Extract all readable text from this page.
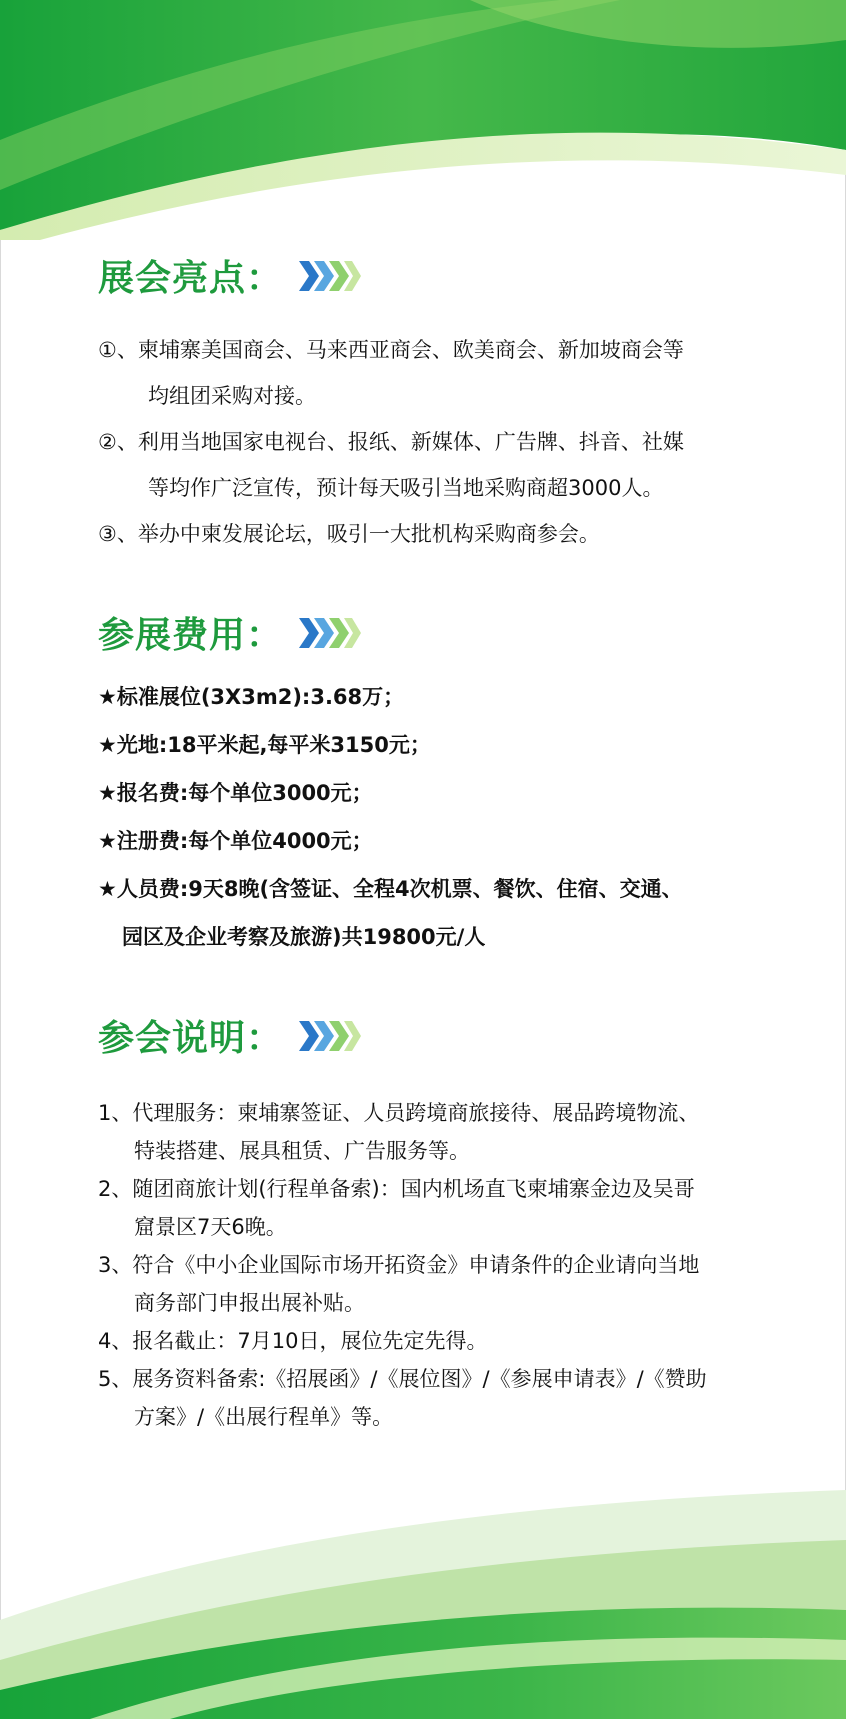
展会亮点：
①、柬埔寨美国商会、马来西亚商会、欧美商会、新加坡商会等
均组团采购对接。
②、利用当地国家电视台、报纸、新媒体、广告牌、抖音、社媒
等均作广泛宣传，预计每天吸引当地采购商超3000人。
③、举办中柬发展论坛，吸引一大批机构采购商参会。
参展费用：
★标准展位(3X3m2):3.68万；
★光地:18平米起,每平米3150元；
★报名费:每个单位3000元；
★注册费:每个单位4000元；
★人员费:9天8晚(含签证、全程4次机票、餐饮、住宿、交通、
园区及企业考察及旅游)共19800元/人
参会说明：
1、代理服务：柬埔寨签证、人员跨境商旅接待、展品跨境物流、
特装搭建、展具租赁、广告服务等。
2、随团商旅计划(行程单备索)：国内机场直飞柬埔寨金边及吴哥
窟景区7天6晚。
3、符合《中小企业国际市场开拓资金》申请条件的企业请向当地
商务部门申报出展补贴。
4、报名截止：7月10日，展位先定先得。
5、展务资料备索:《招展函》/《展位图》/《参展申请表》/《赞助
方案》/《出展行程单》等。
